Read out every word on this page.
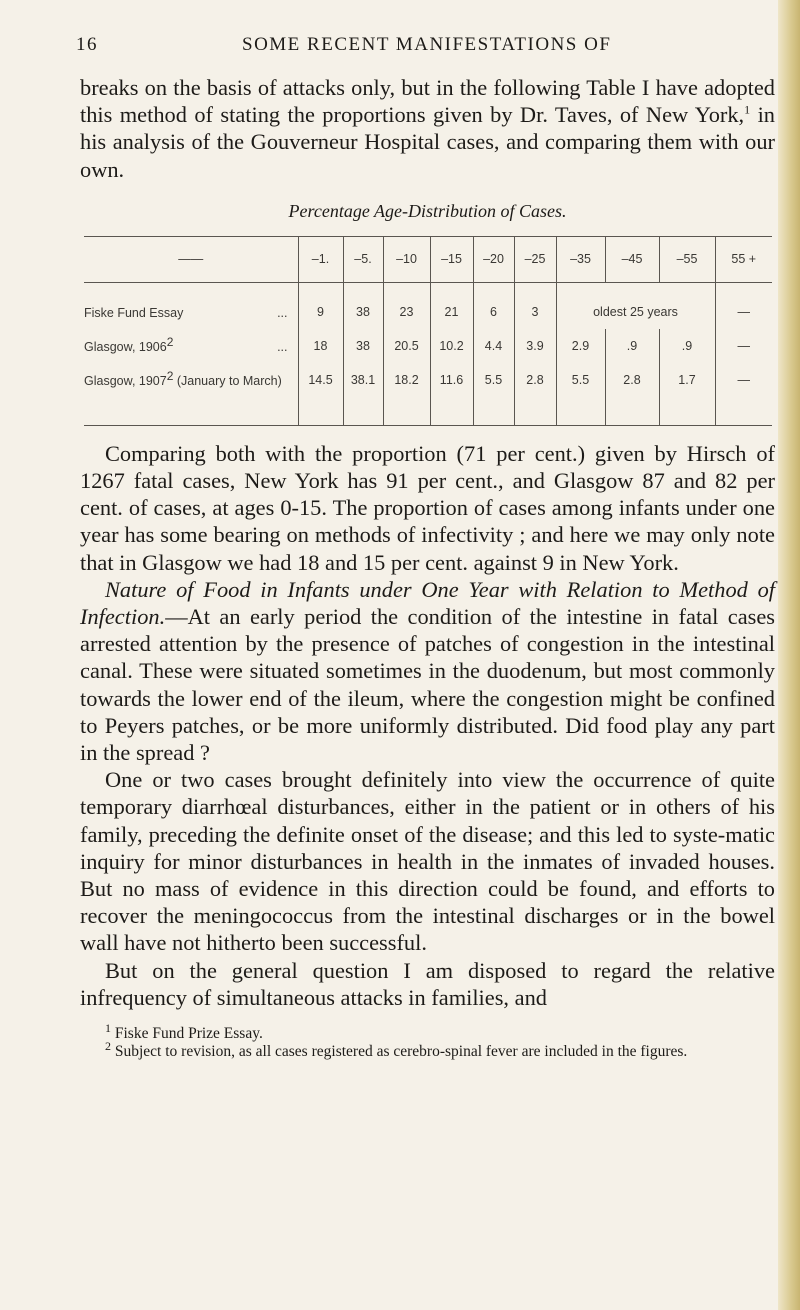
16	SOME RECENT MANIFESTATIONS OF

breaks on the basis of attacks only, but in the following Table I have adopted this method of stating the proportions given by Dr. Taves, of New York,$^1$ in his analysis of the Gouverneur Hospital cases, and comparing them with our own.

Percentage Age-Distribution of Cases.
——	–1.	–5.	–10	–15	–20	–25	–35	–45	–55	55 +

Fiske Fund Essay ...	9	38	23	21	6	3	oldest 25 years			—

Glasgow, 1906$^2$ ...	18	38	20.5	10.2	4.4	3.9	2.9	.9	.9	—

Glasgow, 1907$^2$ (January to March)	14.5	38.1	18.2	11.6	5.5	2.8	5.5	2.8	1.7	—

Comparing both with the proportion (71 per cent.) given by Hirsch of 1267 fatal cases, New York has 91 per cent., and Glasgow 87 and 82 per cent. of cases, at ages 0-15. The proportion of cases among infants under one year has some bearing on methods of infectivity ; and here we may only note that in Glasgow we had 18 and 15 per cent. against 9 in New York.

Nature of Food in Infants under One Year with Relation to Method of Infection.—At an early period the condition of the intestine in fatal cases arrested attention by the presence of patches of congestion in the intestinal canal. These were situated sometimes in the duodenum, but most commonly towards the lower end of the ileum, where the congestion might be confined to Peyers patches, or be more uniformly distributed. Did food play any part in the spread ?

One or two cases brought definitely into view the occurrence of quite temporary diarrhœal disturbances, either in the patient or in others of his family, preceding the definite onset of the disease; and this led to syste-matic inquiry for minor disturbances in health in the inmates of invaded houses. But no mass of evidence in this direction could be found, and efforts to recover the meningococcus from the intestinal discharges or in the bowel wall have not hitherto been successful.

But on the general question I am disposed to regard the relative infrequency of simultaneous attacks in families, and

$^1$ Fiske Fund Prize Essay.

$^2$ Subject to revision, as all cases registered as cerebro-spinal fever are included in the figures.
